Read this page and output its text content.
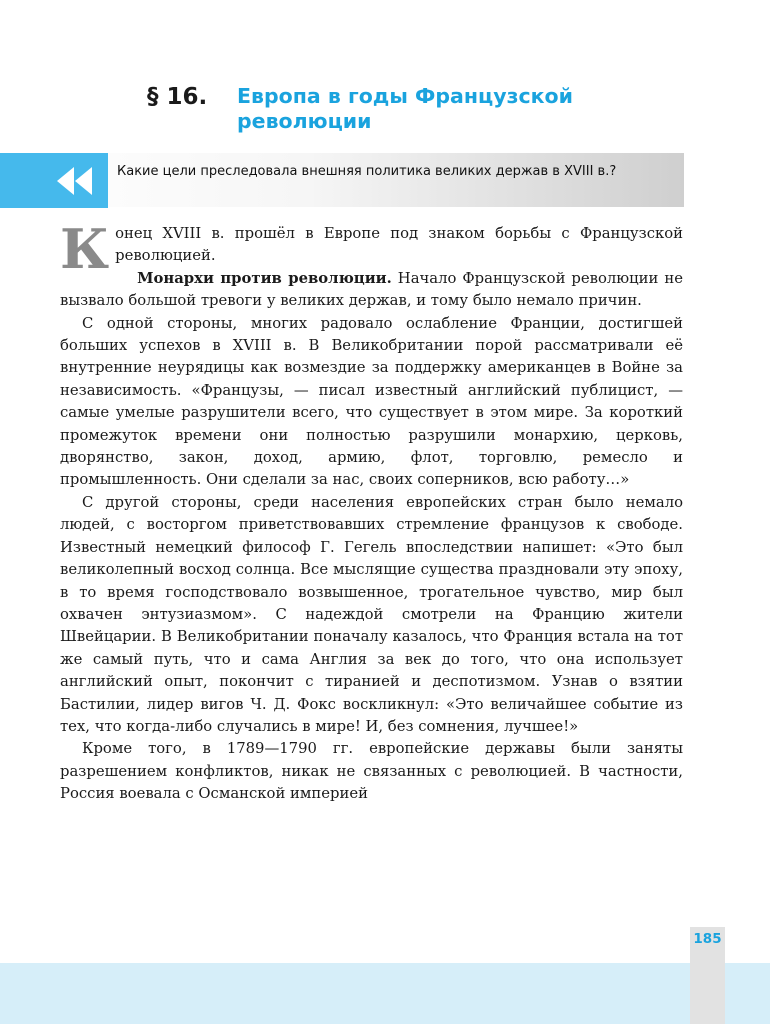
§ 16. Европа в годы Французской революции
Какие цели преследовала внешняя политика великих держав в XVIII в.?

Конец XVIII в. прошёл в Европе под знаком борьбы с Французской революцией.

Монархи против революции. Начало Французской революции не вызвало большой тревоги у великих держав, и тому было немало причин.

С одной стороны, многих радовало ослабление Франции, достигшей больших успехов в XVIII в. В Великобритании порой рассматривали её внутренние неурядицы как возмездие за поддержку американцев в Войне за независимость. «Французы, — писал известный английский публицист, — самые умелые разрушители всего, что существует в этом мире. За короткий промежуток времени они полностью разрушили монархию, церковь, дворянство, закон, доход, армию, флот, торговлю, ремесло и промышленность. Они сделали за нас, своих соперников, всю работу…»

С другой стороны, среди населения европейских стран было немало людей, с восторгом приветствовавших стремление французов к свободе. Известный немецкий философ Г. Гегель впоследствии напишет: «Это был великолепный восход солнца. Все мыслящие существа праздновали эту эпоху, в то время господствовало возвышенное, трогательное чувство, мир был охвачен энтузиазмом». С надеждой смотрели на Францию жители Швейцарии. В Великобритании поначалу казалось, что Франция встала на тот же самый путь, что и сама Англия за век до того, что она использует английский опыт, покончит с тиранией и деспотизмом. Узнав о взятии Бастилии, лидер вигов Ч. Д. Фокс воскликнул: «Это величайшее событие из тех, что когда-либо случались в мире! И, без сомнения, лучшее!»

Кроме того, в 1789—1790 гг. европейские державы были заняты разрешением конфликтов, никак не связанных с революцией. В частности, Россия воевала с Османской империей

185
